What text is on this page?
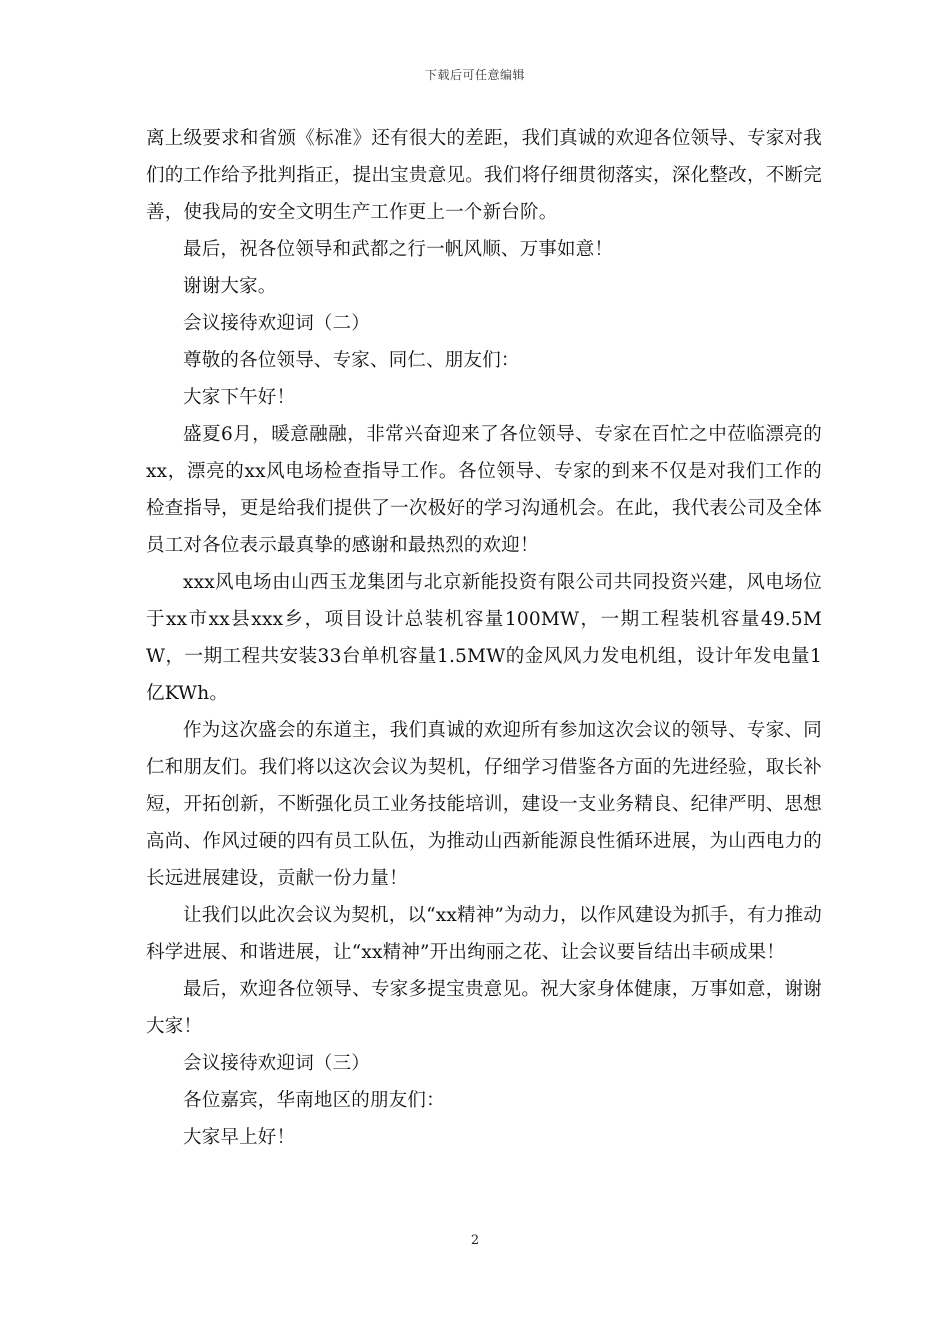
下载后可任意编辑

离上级要求和省颁《标准》还有很大的差距，我们真诚的欢迎各位领导、专家对我们的工作给予批判指正，提出宝贵意见。我们将仔细贯彻落实，深化整改，不断完善，使我局的安全文明生产工作更上一个新台阶。

最后，祝各位领导和武都之行一帆风顺、万事如意！

谢谢大家。

会议接待欢迎词（二）

尊敬的各位领导、专家、同仁、朋友们：

大家下午好！

盛夏6月，暖意融融，非常兴奋迎来了各位领导、专家在百忙之中莅临漂亮的xx，漂亮的xx风电场检查指导工作。各位领导、专家的到来不仅是对我们工作的检查指导，更是给我们提供了一次极好的学习沟通机会。在此，我代表公司及全体员工对各位表示最真挚的感谢和最热烈的欢迎！

xxx风电场由山西玉龙集团与北京新能投资有限公司共同投资兴建，风电场位于xx市xx县xxx乡，项目设计总装机容量100MW，一期工程装机容量49.5MW，一期工程共安装33台单机容量1.5MW的金风风力发电机组，设计年发电量1亿KWh。

作为这次盛会的东道主，我们真诚的欢迎所有参加这次会议的领导、专家、同仁和朋友们。我们将以这次会议为契机，仔细学习借鉴各方面的先进经验，取长补短，开拓创新，不断强化员工业务技能培训，建设一支业务精良、纪律严明、思想高尚、作风过硬的四有员工队伍，为推动山西新能源良性循环进展，为山西电力的长远进展建设，贡献一份力量！

让我们以此次会议为契机，以“xx精神”为动力，以作风建设为抓手，有力推动科学进展、和谐进展，让“xx精神”开出绚丽之花、让会议要旨结出丰硕成果！

最后，欢迎各位领导、专家多提宝贵意见。祝大家身体健康，万事如意，谢谢大家！

会议接待欢迎词（三）

各位嘉宾，华南地区的朋友们：

大家早上好！

2
